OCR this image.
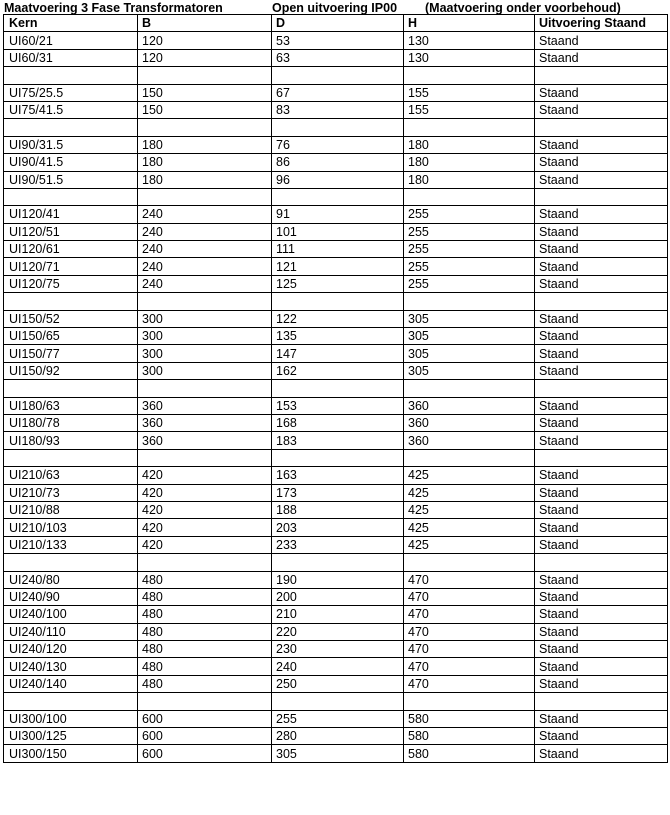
Maatvoering 3 Fase Transformatoren	Open uitvoering IP00 (Maatvoering onder voorbehoud)
Kern	B	D	H	Uitvoering Staand
UI60/21	120	53	130	Staand
UI60/31	120	63	130	Staand

UI75/25.5	150	67	155	Staand
UI75/41.5	150	83	155	Staand

UI90/31.5	180	76	180	Staand
UI90/41.5	180	86	180	Staand
UI90/51.5	180	96	180	Staand

UI120/41	240	91	255	Staand
UI120/51	240	101	255	Staand
UI120/61	240	111	255	Staand
UI120/71	240	121	255	Staand
UI120/75	240	125	255	Staand

UI150/52	300	122	305	Staand
UI150/65	300	135	305	Staand
UI150/77	300	147	305	Staand
UI150/92	300	162	305	Staand

UI180/63	360	153	360	Staand
UI180/78	360	168	360	Staand
UI180/93	360	183	360	Staand

UI210/63	420	163	425	Staand
UI210/73	420	173	425	Staand
UI210/88	420	188	425	Staand
UI210/103	420	203	425	Staand
UI210/133	420	233	425	Staand

UI240/80	480	190	470	Staand
UI240/90	480	200	470	Staand
UI240/100	480	210	470	Staand
UI240/110	480	220	470	Staand
UI240/120	480	230	470	Staand
UI240/130	480	240	470	Staand
UI240/140	480	250	470	Staand

UI300/100	600	255	580	Staand
UI300/125	600	280	580	Staand
UI300/150	600	305	580	Staand
